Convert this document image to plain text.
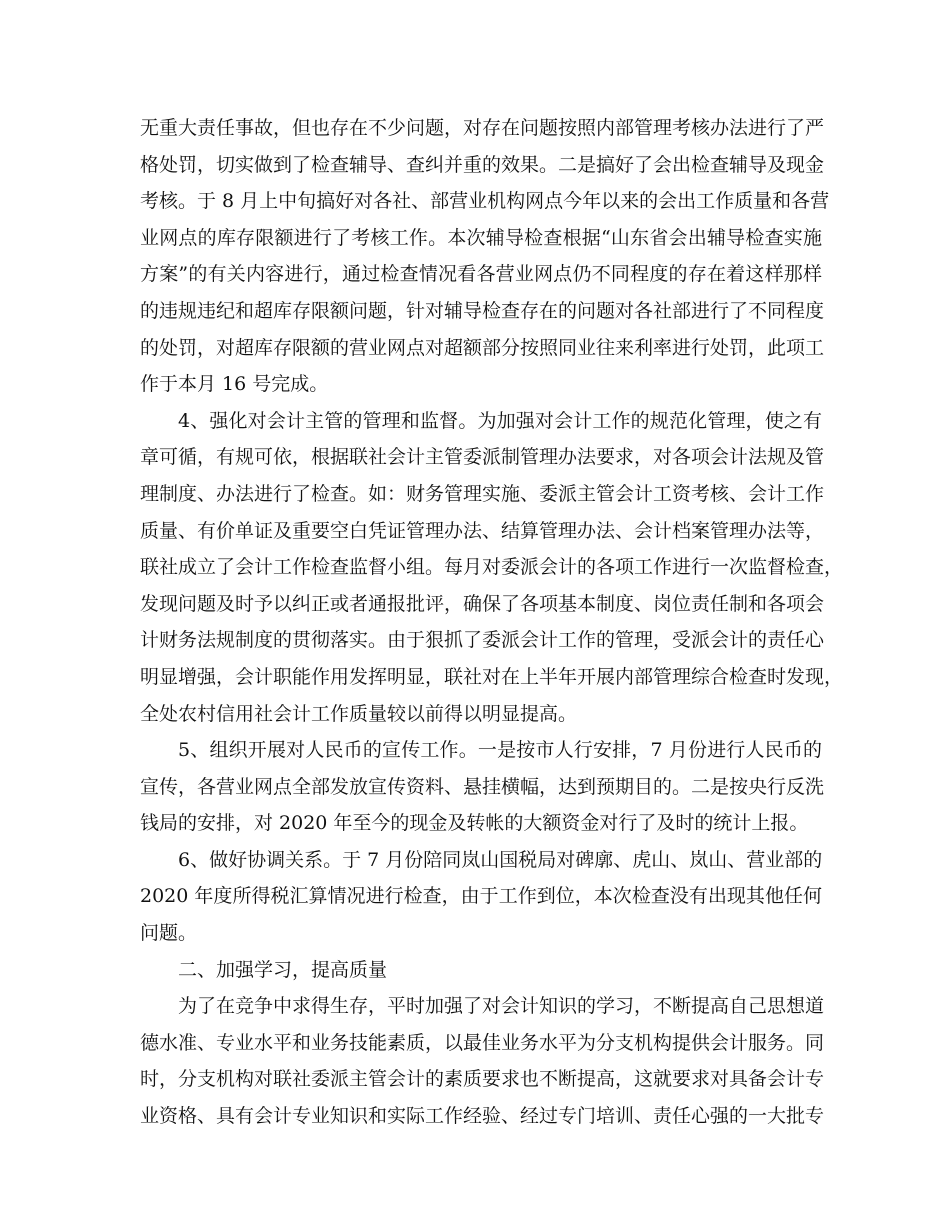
无重大责任事故，但也存在不少问题，对存在问题按照内部管理考核办法进行了严
格处罚，切实做到了检查辅导、查纠并重的效果。二是搞好了会出检查辅导及现金
考核。于 8 月上中旬搞好对各社、部营业机构网点今年以来的会出工作质量和各营
业网点的库存限额进行了考核工作。本次辅导检查根据“山东省会出辅导检查实施
方案”的有关内容进行，通过检查情况看各营业网点仍不同程度的存在着这样那样
的违规违纪和超库存限额问题，针对辅导检查存在的问题对各社部进行了不同程度
的处罚，对超库存限额的营业网点对超额部分按照同业往来利率进行处罚，此项工
作于本月 16 号完成。
4、强化对会计主管的管理和监督。为加强对会计工作的规范化管理，使之有
章可循，有规可依，根据联社会计主管委派制管理办法要求，对各项会计法规及管
理制度、办法进行了检查。如：财务管理实施、委派主管会计工资考核、会计工作
质量、有价单证及重要空白凭证管理办法、结算管理办法、会计档案管理办法等，
联社成立了会计工作检查监督小组。每月对委派会计的各项工作进行一次监督检查，
发现问题及时予以纠正或者通报批评，确保了各项基本制度、岗位责任制和各项会
计财务法规制度的贯彻落实。由于狠抓了委派会计工作的管理，受派会计的责任心
明显增强，会计职能作用发挥明显，联社对在上半年开展内部管理综合检查时发现，
全处农村信用社会计工作质量较以前得以明显提高。
5、组织开展对人民币的宣传工作。一是按市人行安排，7 月份进行人民币的
宣传，各营业网点全部发放宣传资料、悬挂横幅，达到预期目的。二是按央行反洗
钱局的安排，对 2020 年至今的现金及转帐的大额资金对行了及时的统计上报。
6、做好协调关系。于 7 月份陪同岚山国税局对碑廓、虎山、岚山、营业部的
2020 年度所得税汇算情况进行检查，由于工作到位，本次检查没有出现其他任何
问题。
二、加强学习，提高质量
为了在竞争中求得生存，平时加强了对会计知识的学习，不断提高自己思想道
德水准、专业水平和业务技能素质，以最佳业务水平为分支机构提供会计服务。同
时，分支机构对联社委派主管会计的素质要求也不断提高，这就要求对具备会计专
业资格、具有会计专业知识和实际工作经验、经过专门培训、责任心强的一大批专
